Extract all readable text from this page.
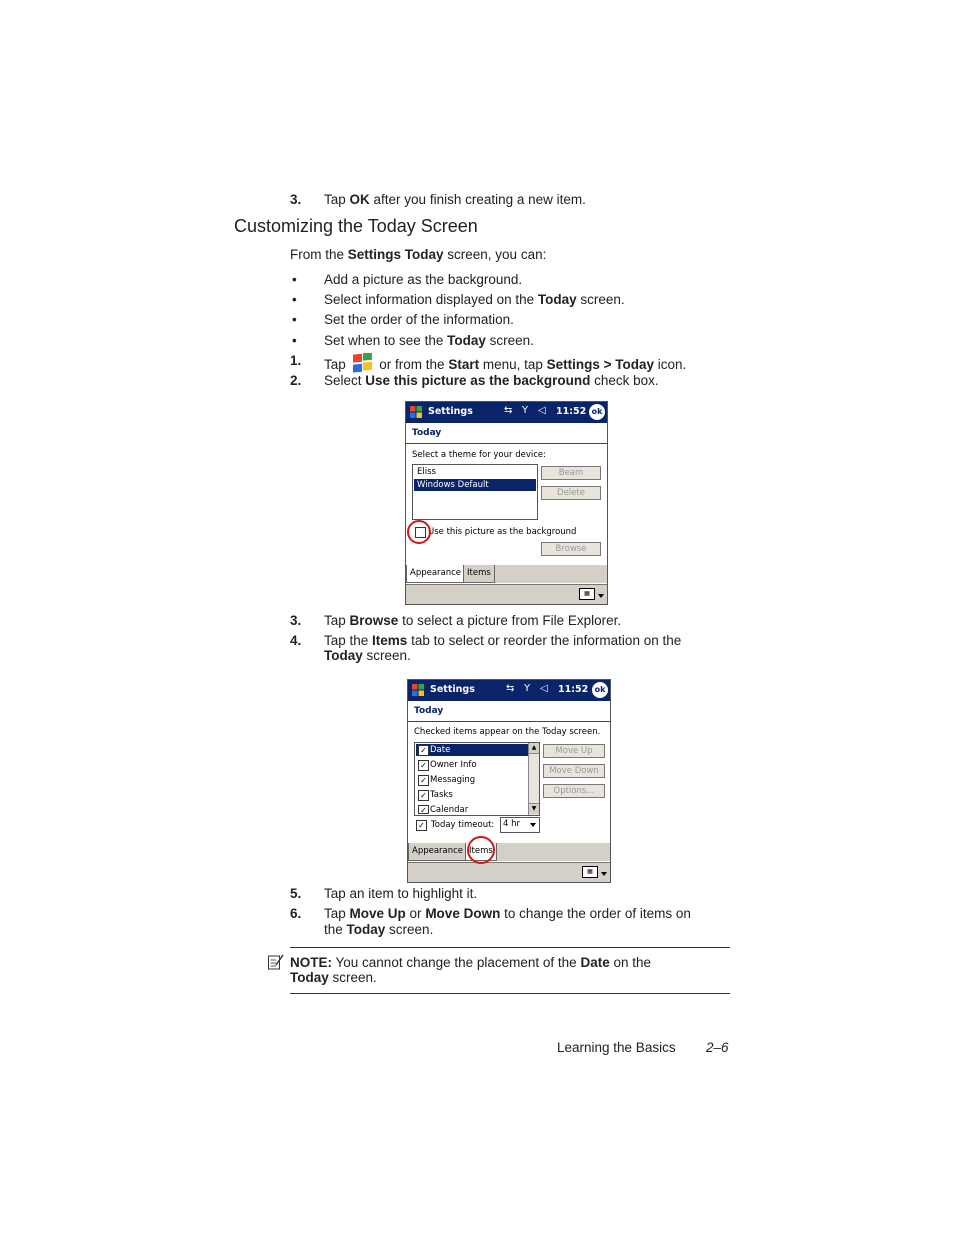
3. Tap OK after you finish creating a new item.
Customizing the Today Screen
From the Settings Today screen, you can:
• Add a picture as the background.
• Select information displayed on the Today screen.
• Set the order of the information.
• Set when to see the Today screen.
1. Tap  or from the Start menu, tap Settings > Today icon.
2. Select Use this picture as the background check box.
Settings	⇆ Y ◁ 11:52 ok
Today
Select a theme for your device:
Eliss
Windows Default
Beam
Delete
Use this picture as the background
Browse
Appearance Items
▦
3. Tap Browse to select a picture from File Explorer.
4. Tap the Items tab to select or reorder the information on the
Today screen.
Settings	⇆ Y ◁ 11:52 ok
Today
Checked items appear on the Today screen.
Date
Owner Info
Messaging
Tasks
Calendar
✓
✓
✓
✓
✓
▲
▼
Move Up
Move Down
Options...
✓ Today timeout:	4 hr
Appearance Items
▦
5. Tap an item to highlight it.
6. Tap Move Up or Move Down to change the order of items on
the Today screen.
NOTE: You cannot change the placement of the Date on the
Today screen.
Learning the Basics 2–6
